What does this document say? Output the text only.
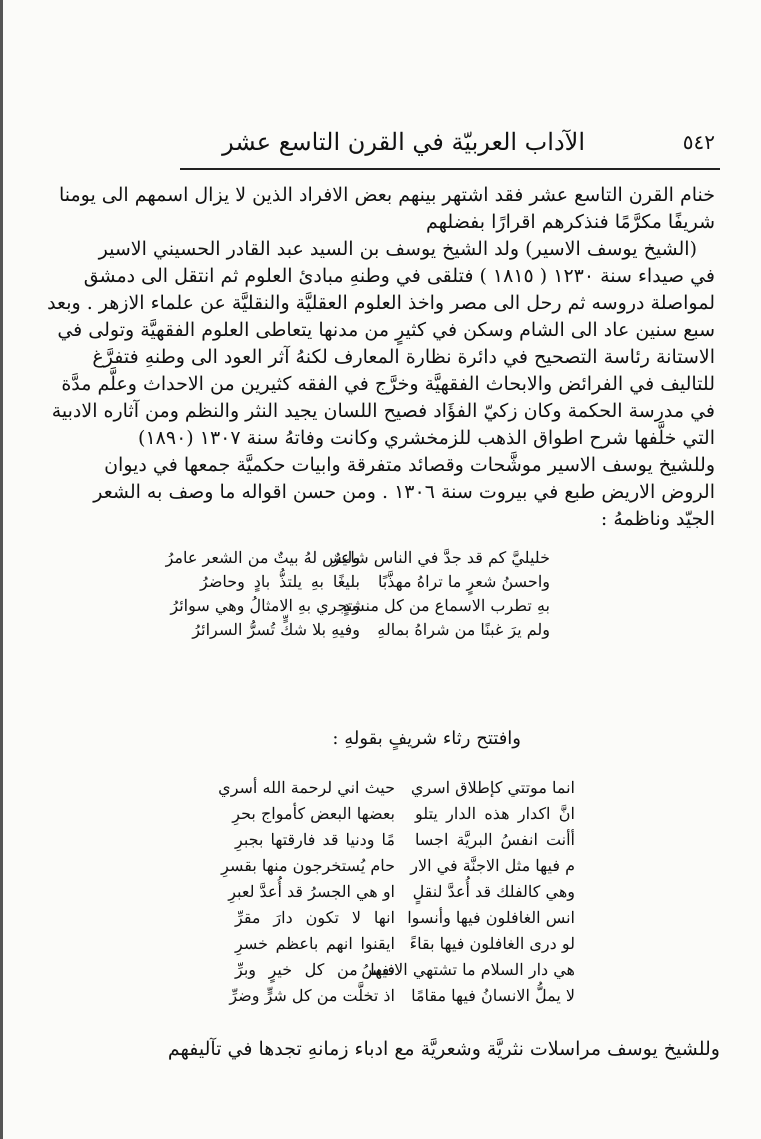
٥٤٢
الآداب العربيّة في القرن التاسع عشر
خنام القرن التاسع عشر فقد اشتهر بينهم بعض الافراد الذين لا يزال اسمهم الى يومنا
شريفًا مكرَّمًا فنذكرهم اقرارًا بفضلهم
(الشيخ يوسف الاسير) ولد الشيخ يوسف بن السيد عبد القادر الحسيني الاسير
في صيداء سنة ١٢٣٠ ( ١٨١٥ ) فتلقى في وطنهِ مبادئ العلوم ثم انتقل الى دمشق
لمواصلة دروسه ثم رحل الى مصر واخذ العلوم العقليَّة والنقليَّة عن علماء الازهر . وبعد
سبع سنين عاد الى الشام وسكن في كثيرٍ من مدنها يتعاطى العلوم الفقهيَّة وتولى في
الاستانة رئاسة التصحيح في دائرة نظارة المعارف لكنهُ آثر العود الى وطنهِ فتفرَّغ
للتاليف في الفرائض والابحاث الفقهيَّة وخرَّج في الفقه كثيرين من الاحداث وعلَّم مدَّة
في مدرسة الحكمة وكان زكيّ الفؤَاد فصيح اللسان يجيد النثر والنظم ومن آثاره الادبية
التي خلَّفها شرح اطواق الذهب للزمخشري وكانت وفاتهُ سنة ١٣٠٧ (١٨٩٠)
وللشيخ يوسف الاسير موشَّحات وقصائد متفرقة وابيات حكميَّة جمعها في ديوان
الروض الاريض طبع في بيروت سنة ١٣٠٦ . ومن حسن اقواله ما وصف به الشعر
الجيّد وناظمهُ :
خليليَّ كم قد جدَّ في الناس شاعرٌ
وليس لهُ بيتٌ من الشعر عامرُ
واحسنُ شعرٍ ما تراهُ مهذَّبًا
بليغًا بهِ يلتذُّ بادٍ وحاضرُ
بهِ تطرب الاسماع من كل منشدٍ
وتجري بهِ الامثالُ وهي سوائرُ
ولم يرَ غبنًا من شراهُ بمالهِ
وفيهِ بلا شكٍّ تُسرُّ السرائرُ
وافتتح رثاء شريفٍ بقولهِ :
انما موتتي كإطلاق اسري
حيث اني لرحمة الله أسري
انَّ اكدار هذه الدار يتلو
بعضها البعض كأمواج بحرِ
أأنت انفسُ البريَّة اجسا
مًا ودنيا قد فارقتها بجبرِ
م فيها مثل الاجنَّة في الار
حام يُستخرجون منها بقسرِ
وهي كالفلك قد أُعدَّ لنقلٍ
او هي الجسرُ قد أُعدَّ لعبرِ
انس الغافلون فيها وأنسوا
انها لا تكون دارَ مقرِّ
لو درى الغافلون فيها بقاءً
ايقنوا انهم باعظم خسرِ
هي دار السلام ما تشتهي الانفسُ
فيها من كل خيرٍ وبرِّ
لا يملُّ الانسانُ فيها مقامًا
اذ تخلَّت من كل شرٍّ وضرِّ
وللشيخ يوسف مراسلات نثريَّة وشعريَّة مع ادباء زمانهِ تجدها في تآليفهم
